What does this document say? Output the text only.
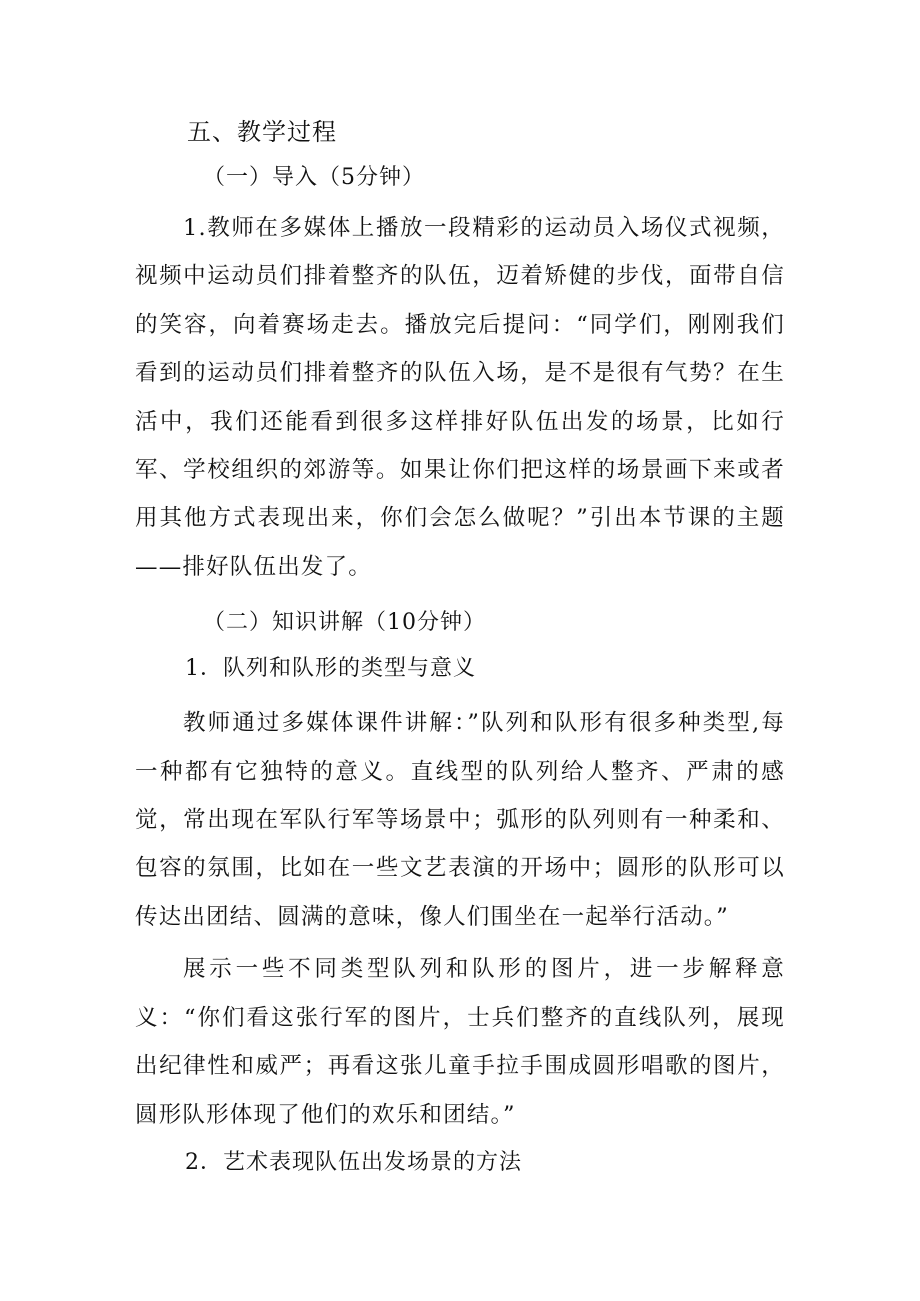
五、教学过程
（一）导入（5分钟）

1.教师在多媒体上播放一段精彩的运动员入场仪式视频，视频中运动员们排着整齐的队伍，迈着矫健的步伐，面带自信的笑容，向着赛场走去。播放完后提问：“同学们，刚刚我们看到的运动员们排着整齐的队伍入场，是不是很有气势？在生活中，我们还能看到很多这样排好队伍出发的场景，比如行军、学校组织的郊游等。如果让你们把这样的场景画下来或者用其他方式表现出来，你们会怎么做呢？”引出本节课的主题——排好队伍出发了。

（二）知识讲解（10分钟）
1．队列和队形的类型与意义

教师通过多媒体课件讲解：”队列和队形有很多种类型,每一种都有它独特的意义。直线型的队列给人整齐、严肃的感觉，常出现在军队行军等场景中；弧形的队列则有一种柔和、包容的氛围，比如在一些文艺表演的开场中；圆形的队形可以传达出团结、圆满的意味，像人们围坐在一起举行活动。”

展示一些不同类型队列和队形的图片，进一步解释意义：“你们看这张行军的图片，士兵们整齐的直线队列，展现出纪律性和威严；再看这张儿童手拉手围成圆形唱歌的图片，圆形队形体现了他们的欢乐和团结。”

2．艺术表现队伍出发场景的方法
